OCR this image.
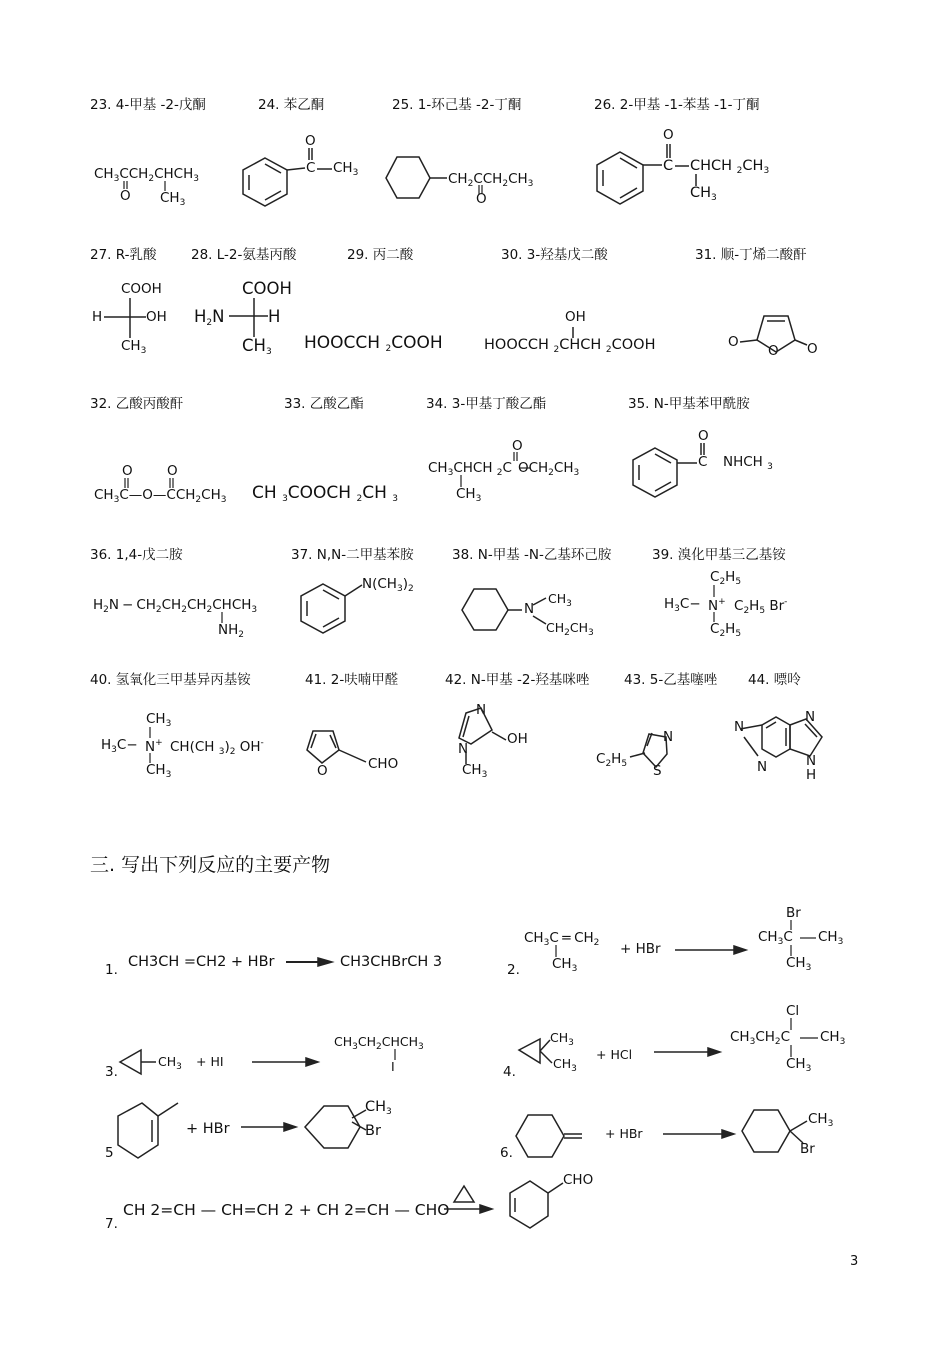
23. 4-甲基 -2-戊酮	24. 苯乙酮	25. 1-环己基 -2-丁酮	26. 2-甲基 -1-苯基 -1-丁酮
27. R-乳酸	28. L-2-氨基丙酸	29. 丙二酸	30. 3-羟基戊二酸	31. 顺-丁烯二酸酐
32. 乙酸丙酸酐	33. 乙酸乙酯	34. 3-甲基丁酸乙酯	35. N-甲基苯甲酰胺
36. 1,4-戊二胺	37. N,N-二甲基苯胺	38. N-甲基 -N-乙基环己胺	39. 溴化甲基三乙基铵
40. 氢氧化三甲基异丙基铵	41. 2-呋喃甲醛	42. N-甲基 -2-羟基咪唑	43. 5-乙基噻唑 44. 嘌呤
三. 写出下列反应的主要产物
1. CH3CH =CH2 + HBr	CH3CHBrCH 3	2.
+ HBr
3.
+ HI
4.
+ HCl
5
+ HBr
6.
+ HBr
7.
CH 2=CH — CH=CH 2 + CH 2=CH — CHO
3
$CH_3CCH_2CHCH_3$
O $CH_3$
O
C $CH_3$	$CH_2CCH_2CH_3$
O
O
C CHCH $_2CH_3$
$CH_3$
COOH
H	OH
$CH_3$
COOH
$H_2N$	H
$CH_3$ HOOCCH $_2$COOH
OH
HOOCCH $_2$CHCH $_2$COOH	O
O O
O	O
$CH_3C—O—CCH_2CH_3$ CH $_3$COOCH $_2$CH $_3$
O
$CH_3CHCH$ $_2$C $OCH_2CH_3$
$CH_3$
O
C NHCH $_3$
$H_2N$ − $CH_2CH_2CH_2CHCH_3$
$NH_2$
$N(CH_3)_2$
N
$CH_3$
$CH_2CH_3$
$C_2H_5$
$H_3C- N^+$ $C_2H_5$ Br-
$C_2H_5$
$CH_3$
$H_3C- N^+$ CH(CH $_3)_2$ OH-
$CH_3$	O	CHO
N
OH
N
$CH_3$
N
$C_2H_5$ S
N
N
N	N
H
$CH_3C = CH_2$
$CH_3$
Br
$CH_3C$ $CH_3$
$CH_3$
$CH_3$
$CH_3CH_2CHCH_3$
I
$CH_3$
$CH_3$
Cl
$CH_3CH_2C$ $CH_3$
$CH_3$
$CH_3$
Br
$CH_3$
Br
CHO
